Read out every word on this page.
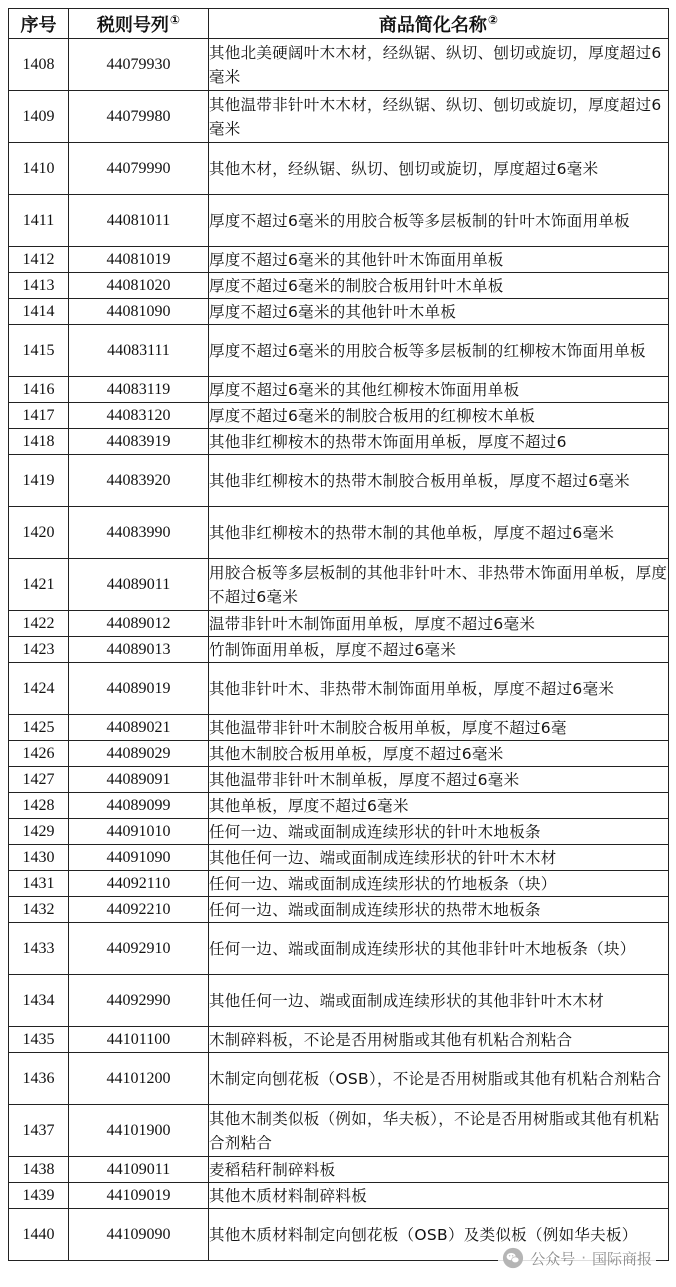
序号	税则号列①	商品简化名称②
1408	44079930	其他北美硬阔叶木木材，经纵锯、纵切、刨切或旋切，厚度超过6毫米
1409	44079980	其他温带非针叶木木材，经纵锯、纵切、刨切或旋切，厚度超过6毫米
1410	44079990	其他木材，经纵锯、纵切、刨切或旋切，厚度超过6毫米
1411	44081011	厚度不超过6毫米的用胶合板等多层板制的针叶木饰面用单板
1412	44081019	厚度不超过6毫米的其他针叶木饰面用单板
1413	44081020	厚度不超过6毫米的制胶合板用针叶木单板
1414	44081090	厚度不超过6毫米的其他针叶木单板
1415	44083111	厚度不超过6毫米的用胶合板等多层板制的红柳桉木饰面用单板
1416	44083119	厚度不超过6毫米的其他红柳桉木饰面用单板
1417	44083120	厚度不超过6毫米的制胶合板用的红柳桉木单板
1418	44083919	其他非红柳桉木的热带木饰面用单板，厚度不超过6
1419	44083920	其他非红柳桉木的热带木制胶合板用单板，厚度不超过6毫米
1420	44083990	其他非红柳桉木的热带木制的其他单板，厚度不超过6毫米
1421	44089011	用胶合板等多层板制的其他非针叶木、非热带木饰面用单板，厚度不超过6毫米
1422	44089012	温带非针叶木制饰面用单板，厚度不超过6毫米
1423	44089013	竹制饰面用单板，厚度不超过6毫米
1424	44089019	其他非针叶木、非热带木制饰面用单板，厚度不超过6毫米
1425	44089021	其他温带非针叶木制胶合板用单板，厚度不超过6毫
1426	44089029	其他木制胶合板用单板，厚度不超过6毫米
1427	44089091	其他温带非针叶木制单板，厚度不超过6毫米
1428	44089099	其他单板，厚度不超过6毫米
1429	44091010	任何一边、端或面制成连续形状的针叶木地板条
1430	44091090	其他任何一边、端或面制成连续形状的针叶木木材
1431	44092110	任何一边、端或面制成连续形状的竹地板条（块）
1432	44092210	任何一边、端或面制成连续形状的热带木地板条
1433	44092910	任何一边、端或面制成连续形状的其他非针叶木地板条（块）
1434	44092990	其他任何一边、端或面制成连续形状的其他非针叶木木材
1435	44101100	木制碎料板，不论是否用树脂或其他有机粘合剂粘合
1436	44101200	木制定向刨花板（OSB），不论是否用树脂或其他有机粘合剂粘合
1437	44101900	其他木制类似板（例如，华夫板），不论是否用树脂或其他有机粘合剂粘合
1438	44109011	麦稻秸秆制碎料板
1439	44109019	其他木质材料制碎料板
1440	44109090	其他木质材料制定向刨花板（OSB）及类似板（例如华夫板）
公众号 · 国际商报
